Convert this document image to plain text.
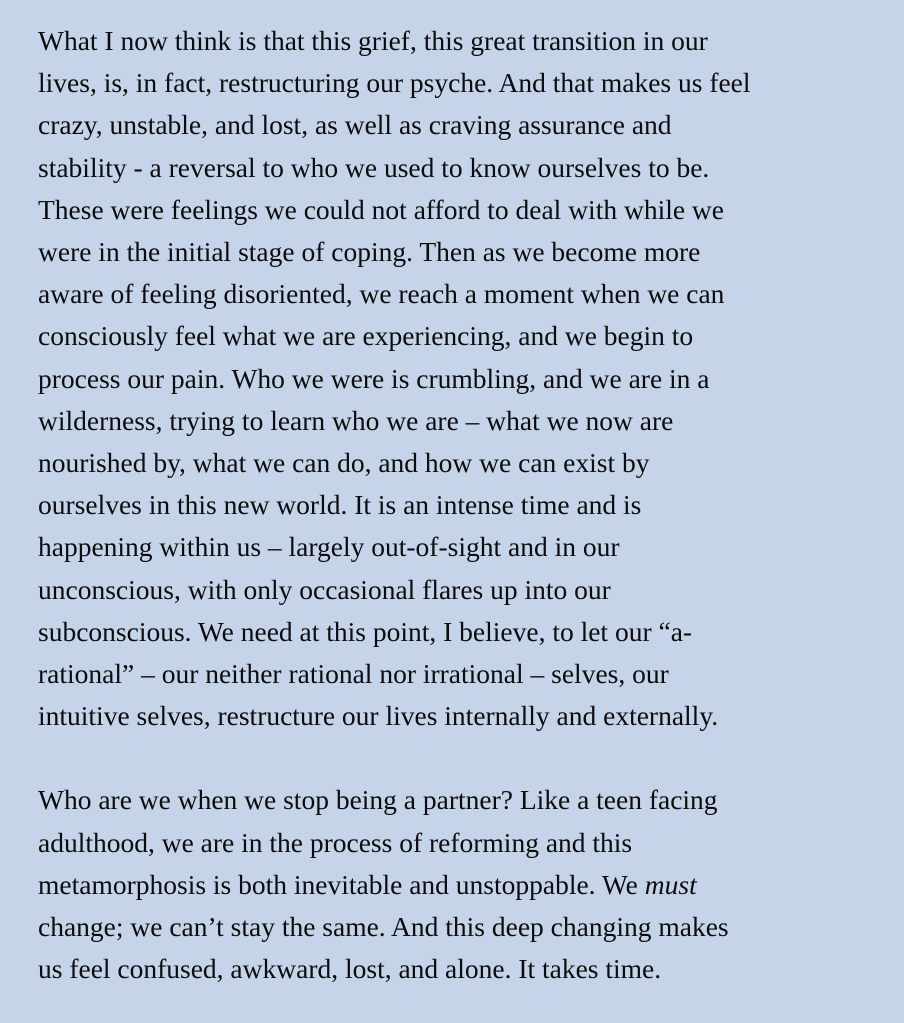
What I now think is that this grief, this great transition in our
lives, is, in fact, restructuring our psyche. And that makes us feel
crazy, unstable, and lost, as well as craving assurance and
stability - a reversal to who we used to know ourselves to be.
These were feelings we could not afford to deal with while we
were in the initial stage of coping. Then as we become more
aware of feeling disoriented, we reach a moment when we can
consciously feel what we are experiencing, and we begin to
process our pain. Who we were is crumbling, and we are in a
wilderness, trying to learn who we are – what we now are
nourished by, what we can do, and how we can exist by
ourselves in this new world. It is an intense time and is
happening within us – largely out-of-sight and in our
unconscious, with only occasional flares up into our
subconscious. We need at this point, I believe, to let our “a-
rational” – our neither rational nor irrational – selves, our
intuitive selves, restructure our lives internally and externally.
Who are we when we stop being a partner? Like a teen facing
adulthood, we are in the process of reforming and this
metamorphosis is both inevitable and unstoppable. We must
change; we can’t stay the same. And this deep changing makes
us feel confused, awkward, lost, and alone. It takes time.
